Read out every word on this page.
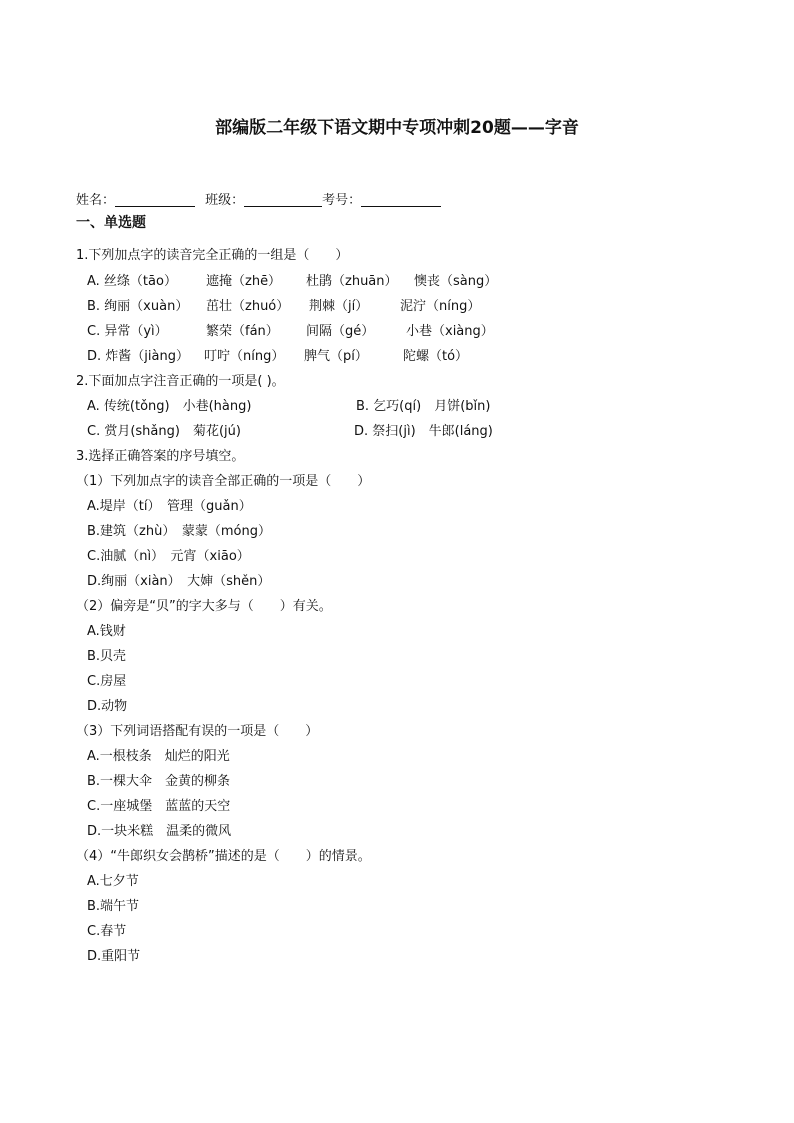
部编版二年级下语文期中专项冲刺20题——字音
姓名：	班级：	考号：
一、单选题
1.下列加点字的读音完全正确的一组是（　　）
A. 丝绦（tāo） 遮掩（zhē） 杜鹃（zhuān） 懊丧（sàng）
B. 绚丽（xuàn） 茁壮（zhuó） 荆棘（jí） 泥泞（níng）
C. 异常（yì）	繁荣（fán） 间隔（gé） 小巷（xiàng）
D. 炸酱（jiàng） 叮咛（níng） 脾气（pí）	陀螺（tó）
2.下面加点字注音正确的一项是( )。
A. 传统(tǒng)　小巷(hàng)	B. 乞巧(qí)　月饼(bǐn)
C. 赏月(shǎng)　菊花(jú)	D. 祭扫(jì)　牛郎(láng)
3.选择正确答案的序号填空。
（1）下列加点字的读音全部正确的一项是（　　）
A.堤岸（tí）　管理（guǎn）
B.建筑（zhù）　蒙蒙（móng）
C.油腻（nì）　元宵（xiāo）
D.绚丽（xiàn）　大婶（shěn）
（2）偏旁是“贝”的字大多与（　　）有关。
A.钱财
B.贝壳
C.房屋
D.动物
（3）下列词语搭配有误的一项是（　　）
A.一根枝条　灿烂的阳光
B.一棵大伞　金黄的柳条
C.一座城堡　蓝蓝的天空
D.一块米糕　温柔的微风
（4）“牛郎织女会鹊桥”描述的是（　　）的情景。
A.七夕节
B.端午节
C.春节
D.重阳节
